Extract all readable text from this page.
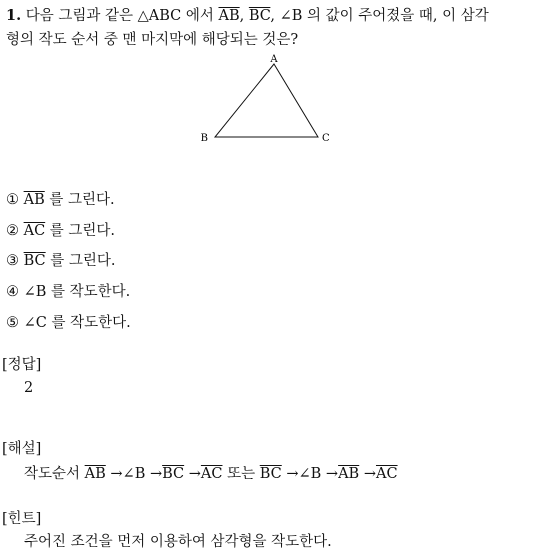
1. 다음 그림과 같은 △ABC 에서 $\overline{AB}$, $\overline{BC}$, ∠B 의 값이 주어졌을 때, 이 삼각
형의 작도 순서 중 맨 마지막에 해당되는 것은?
A
B	C
① $\overline{AB}$ 를 그린다.
② $\overline{AC}$ 를 그린다.
③ $\overline{BC}$ 를 그린다.
④ ∠B 를 작도한다.
⑤ ∠C 를 작도한다.
[정답]
2
[해설]
작도순서 $\overline{AB}$ →∠B $\to\overline{BC} \to\overline{AC}$ 또는 $\overline{BC}$ →∠B $\to\overline{AB} \to\overline{AC}$
[힌트]
주어진 조건을 먼저 이용하여 삼각형을 작도한다.
